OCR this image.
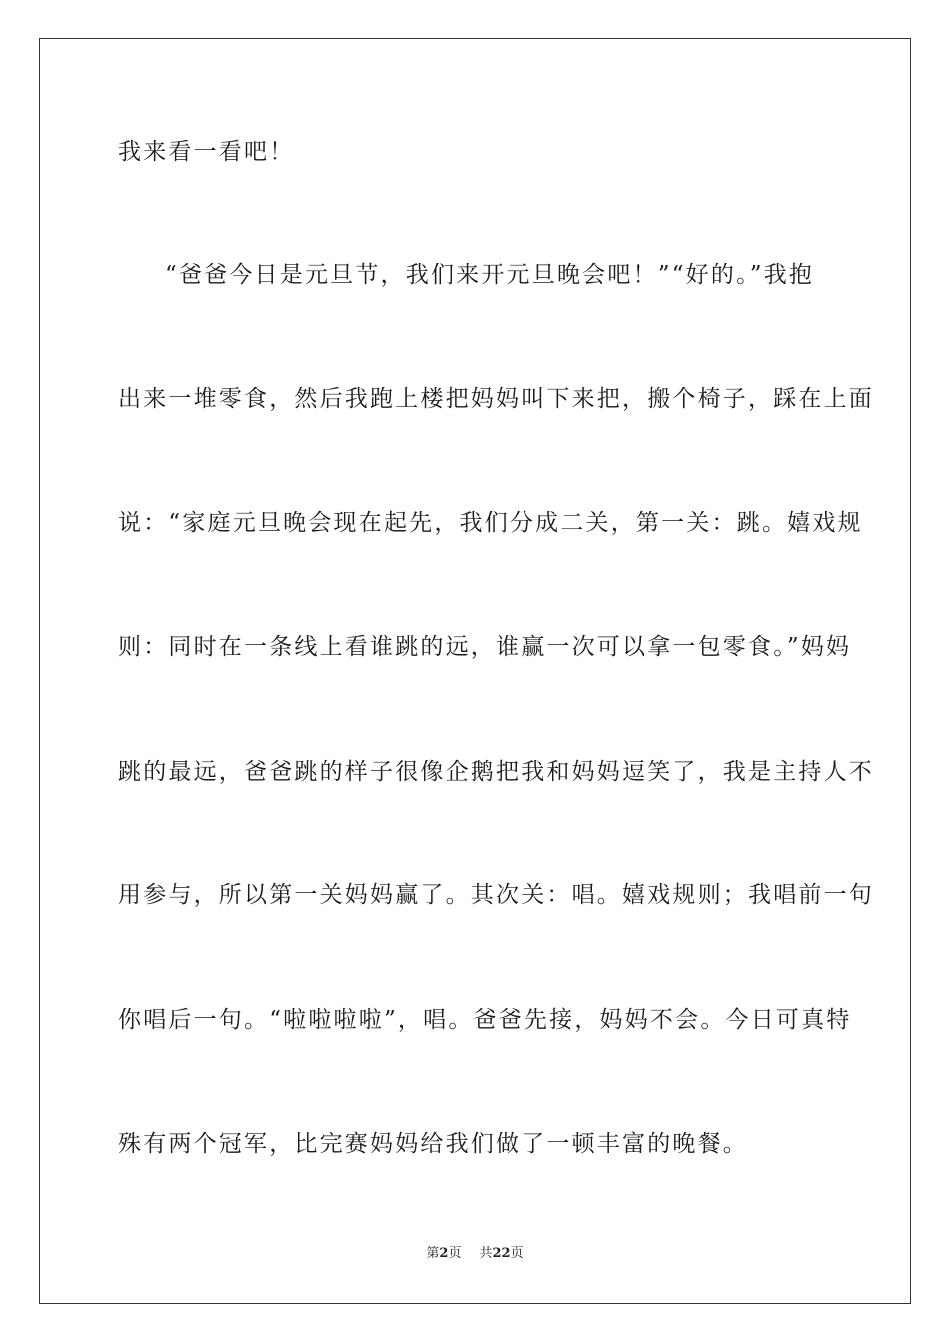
我来看一看吧！
“爸爸今日是元旦节，我们来开元旦晚会吧！”“好的。”我抱
出来一堆零食，然后我跑上楼把妈妈叫下来把，搬个椅子，踩在上面
说：“家庭元旦晚会现在起先，我们分成二关，第一关：跳。嬉戏规
则：同时在一条线上看谁跳的远，谁赢一次可以拿一包零食。”妈妈
跳的最远，爸爸跳的样子很像企鹅把我和妈妈逗笑了，我是主持人不
用参与，所以第一关妈妈赢了。其次关：唱。嬉戏规则；我唱前一句
你唱后一句。“啦啦啦啦”，唱。爸爸先接，妈妈不会。今日可真特
殊有两个冠军，比完赛妈妈给我们做了一顿丰富的晚餐。
第2页 共22页
